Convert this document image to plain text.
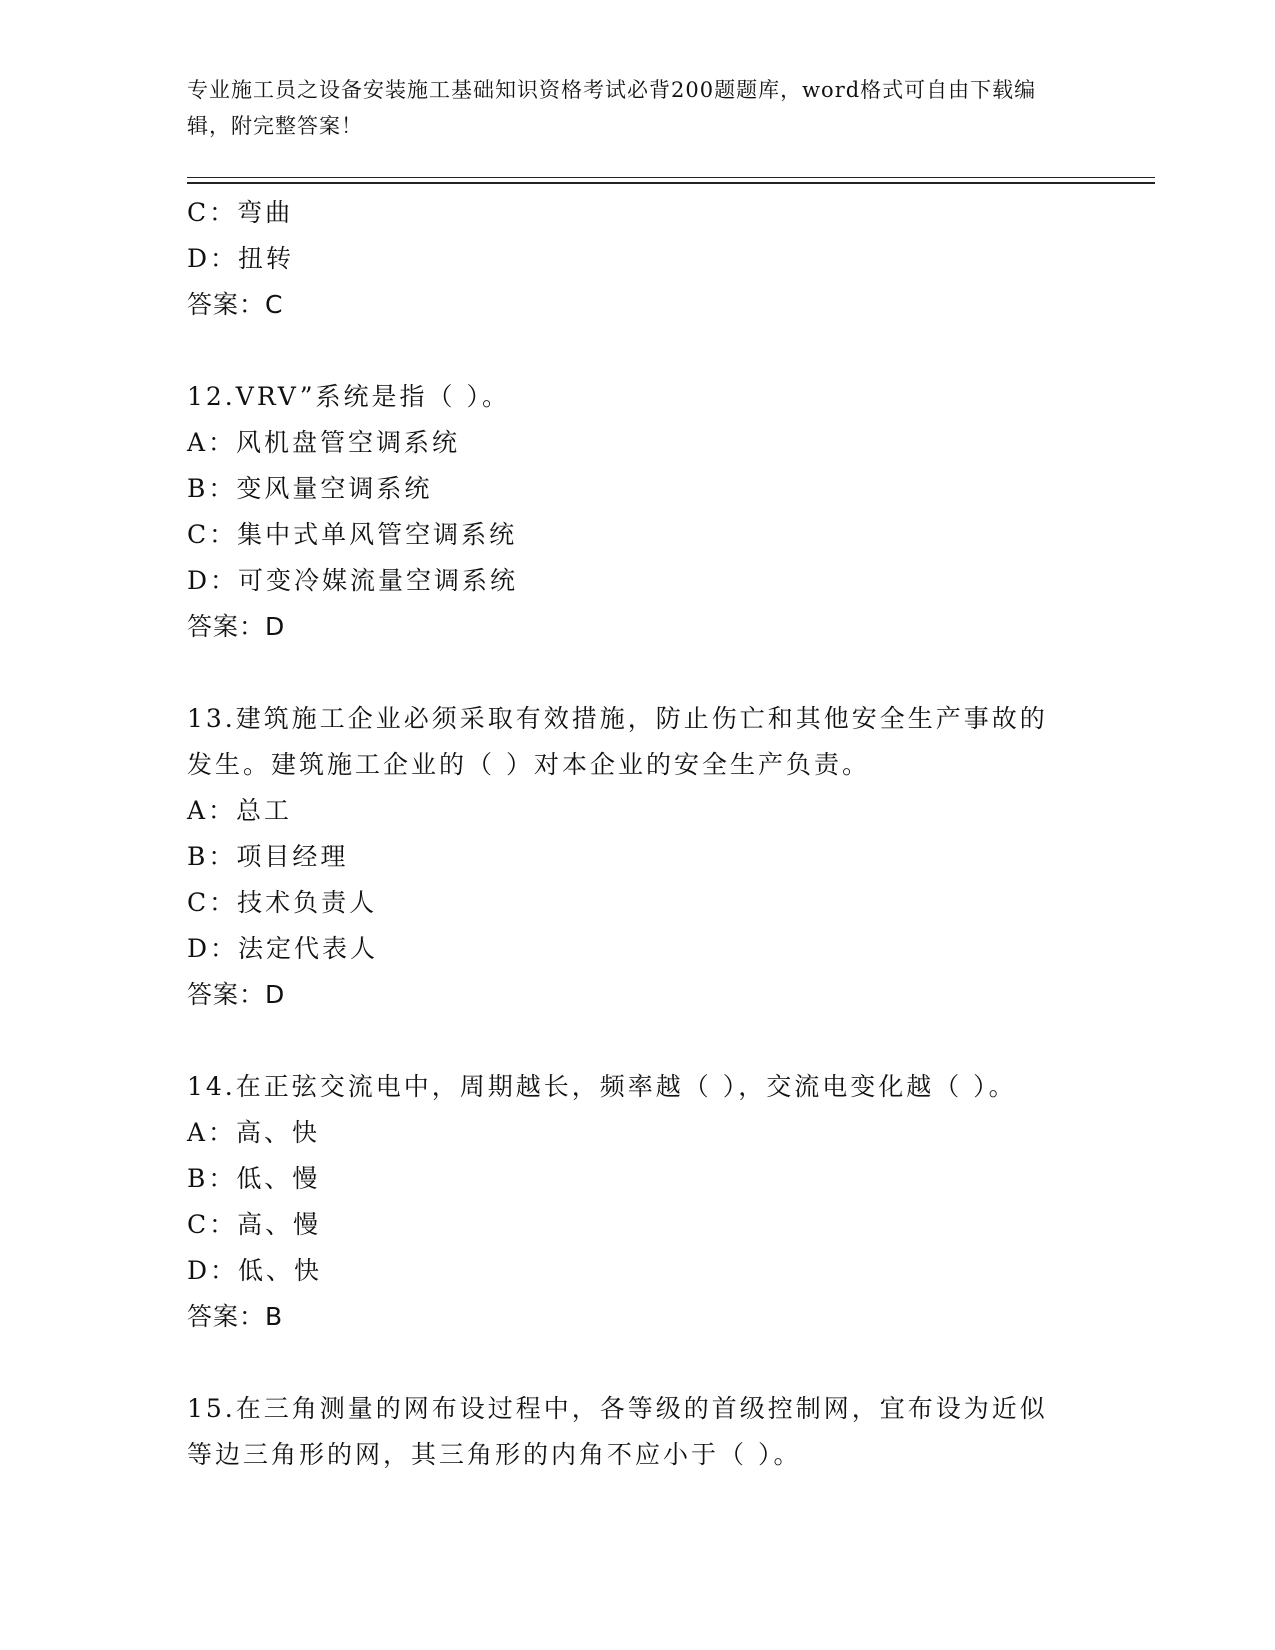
专业施工员之设备安装施工基础知识资格考试必背200题题库，word格式可自由下载编辑，附完整答案！
C：弯曲
D：扭转
答案：C
12.VRV”系统是指（ ）。
A：风机盘管空调系统
B：变风量空调系统
C：集中式单风管空调系统
D：可变冷媒流量空调系统
答案：D
13.建筑施工企业必须采取有效措施，防止伤亡和其他安全生产事故的
发生。建筑施工企业的（ ）对本企业的安全生产负责。
A：总工
B：项目经理
C：技术负责人
D：法定代表人
答案：D
14.在正弦交流电中，周期越长，频率越（ ），交流电变化越（ ）。
A：高、快
B：低、慢
C：高、慢
D：低、快
答案：B
15.在三角测量的网布设过程中，各等级的首级控制网，宜布设为近似
等边三角形的网，其三角形的内角不应小于（ ）。
